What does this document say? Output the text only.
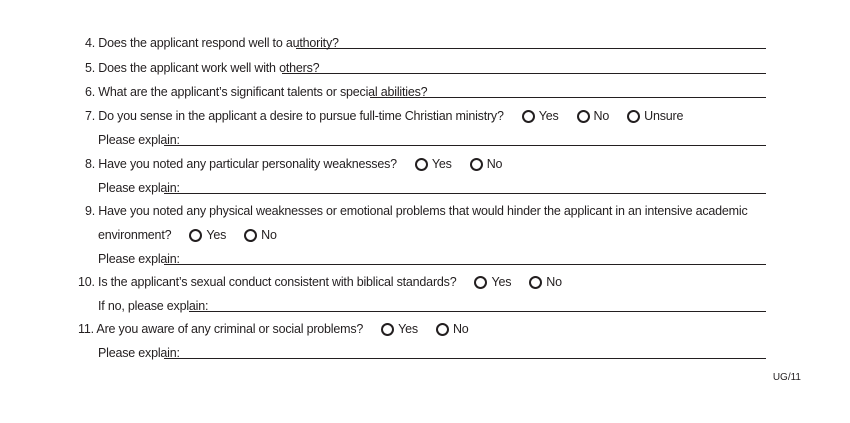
4. Does the applicant respond well to authority?
5. Does the applicant work well with others?
6. What are the applicant’s significant talents or special abilities?
7. Do you sense in the applicant a desire to pursue full-time Christian ministry?	Yes	No	Unsure
Please explain:
8. Have you noted any particular personality weaknesses?	Yes	No
Please explain:
9. Have you noted any physical weaknesses or emotional problems that would hinder the applicant in an intensive academic
environment?	Yes	No
Please explain:
10. Is the applicant’s sexual conduct consistent with biblical standards?	Yes	No
If no, please explain:
11. Are you aware of any criminal or social problems?	Yes	No
Please explain:
UG/11
